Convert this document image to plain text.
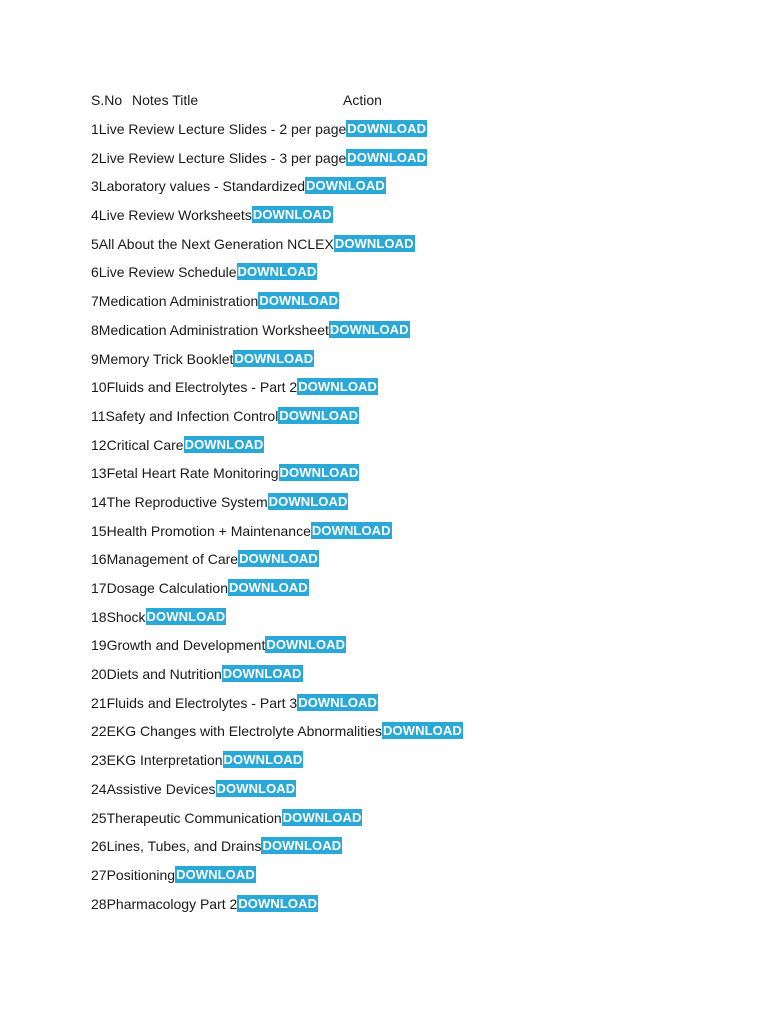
S.No Notes Title	Action
1Live Review Lecture Slides - 2 per pageDOWNLOAD
2Live Review Lecture Slides - 3 per pageDOWNLOAD
3Laboratory values - StandardizedDOWNLOAD
4Live Review WorksheetsDOWNLOAD
5All About the Next Generation NCLEXDOWNLOAD
6Live Review ScheduleDOWNLOAD
7Medication AdministrationDOWNLOAD
8Medication Administration WorksheetDOWNLOAD
9Memory Trick BookletDOWNLOAD
10Fluids and Electrolytes - Part 2DOWNLOAD
11Safety and Infection ControlDOWNLOAD
12Critical CareDOWNLOAD
13Fetal Heart Rate MonitoringDOWNLOAD
14The Reproductive SystemDOWNLOAD
15Health Promotion + MaintenanceDOWNLOAD
16Management of CareDOWNLOAD
17Dosage CalculationDOWNLOAD
18ShockDOWNLOAD
19Growth and DevelopmentDOWNLOAD
20Diets and NutritionDOWNLOAD
21Fluids and Electrolytes - Part 3DOWNLOAD
22EKG Changes with Electrolyte AbnormalitiesDOWNLOAD
23EKG InterpretationDOWNLOAD
24Assistive DevicesDOWNLOAD
25Therapeutic CommunicationDOWNLOAD
26Lines, Tubes, and DrainsDOWNLOAD
27PositioningDOWNLOAD
28Pharmacology Part 2DOWNLOAD
